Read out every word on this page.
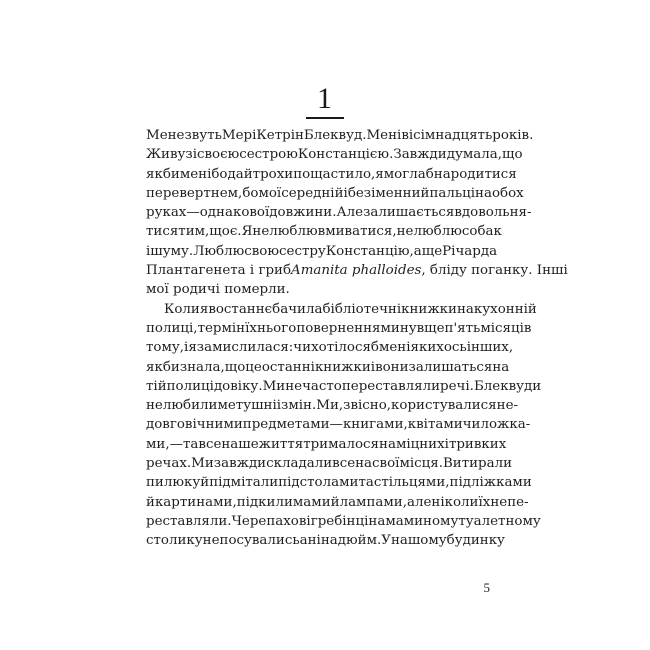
1
Мене звуть Мері Кетрін Блеквуд. Мені вісімнадцять років.
Живу зі своєю сестрою Констанцією. Завжди думала, що
якби мені бодай трохи пощастило, я могла б народитися
перевертнем, бо мої середній і безіменний пальці на обох
руках — однакової довжини. Але залишається вдовольня-
тися тим, що є. Я не люблю вмиватися, не люблю собак
і шуму. Люблю свою сестру Констанцію, а ще Річарда
Плантагенета і гриб Amanita phalloides, бліду поганку. Інші
мої родичі померли.
Коли я востаннє бачила бібліотечні книжки на кухонній
полиці, термін їхнього повернення минув ще п'ять місяців
тому, і я замислилася: чи хотілося б мені якихось інших,
якби знала, що це останні книжки і вони залишаться на
тій полиці довіку. Ми нечасто переставляли речі. Блеквуди
не любили метушні і змін. Ми, звісно, користувалися не-
довговічними предметами — книгами, квітами чи ложка-
ми, — та все наше життя трималося на міцних і тривких
речах. Ми завжди складали все на свої місця. Витирали
пилюку й підмітали під столами та стільцями, під ліжками
й картинами, під килимами й лампами, але ніколи їх не пе-
реставляли. Черепахові гребінці на маминому туалетному
столику не посувались ані на дюйм. У нашому будинку
5
